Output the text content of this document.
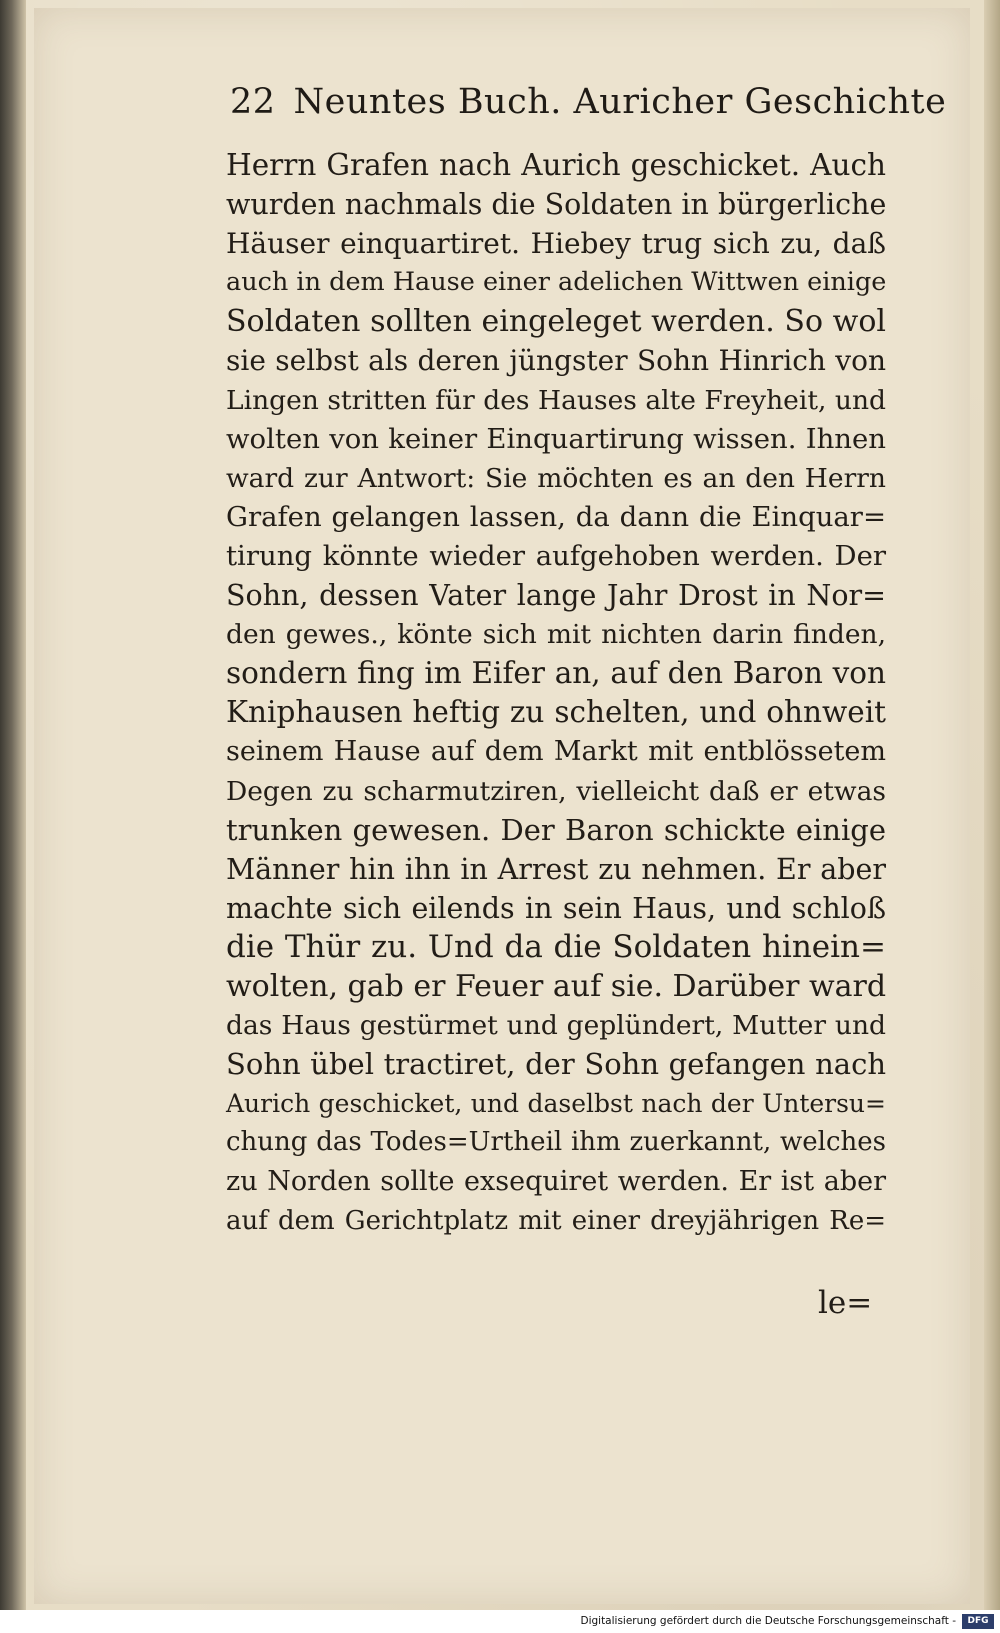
22 Neuntes Buch. Auricher Geschichte
Herrn Grafen nach Aurich geschicket. Auch
wurden nachmals die Soldaten in bürgerliche
Häuser einquartiret. Hiebey trug sich zu, daß
auch in dem Hause einer adelichen Wittwen einige
Soldaten sollten eingeleget werden. So wol
sie selbst als deren jüngster Sohn Hinrich von
Lingen stritten für des Hauses alte Freyheit, und
wolten von keiner Einquartirung wissen. Ihnen
ward zur Antwort: Sie möchten es an den Herrn
Grafen gelangen lassen, da dann die Einquar=
tirung könnte wieder aufgehoben werden. Der
Sohn, dessen Vater lange Jahr Drost in Nor=
den gewes., könte sich mit nichten darin finden,
sondern fing im Eifer an, auf den Baron von
Kniphausen heftig zu schelten, und ohnweit
seinem Hause auf dem Markt mit entblössetem
Degen zu scharmutziren, vielleicht daß er etwas
trunken gewesen. Der Baron schickte einige
Männer hin ihn in Arrest zu nehmen. Er aber
machte sich eilends in sein Haus, und schloß
die Thür zu. Und da die Soldaten hinein=
wolten, gab er Feuer auf sie. Darüber ward
das Haus gestürmet und geplündert, Mutter und
Sohn übel tractiret, der Sohn gefangen nach
Aurich geschicket, und daselbst nach der Untersu=
chung das Todes=Urtheil ihm zuerkannt, welches
zu Norden sollte exsequiret werden. Er ist aber
auf dem Gerichtplatz mit einer dreyjährigen Re=
le=
Digitalisierung gefördert durch die Deutsche Forschungsgemeinschaft -	DFG
